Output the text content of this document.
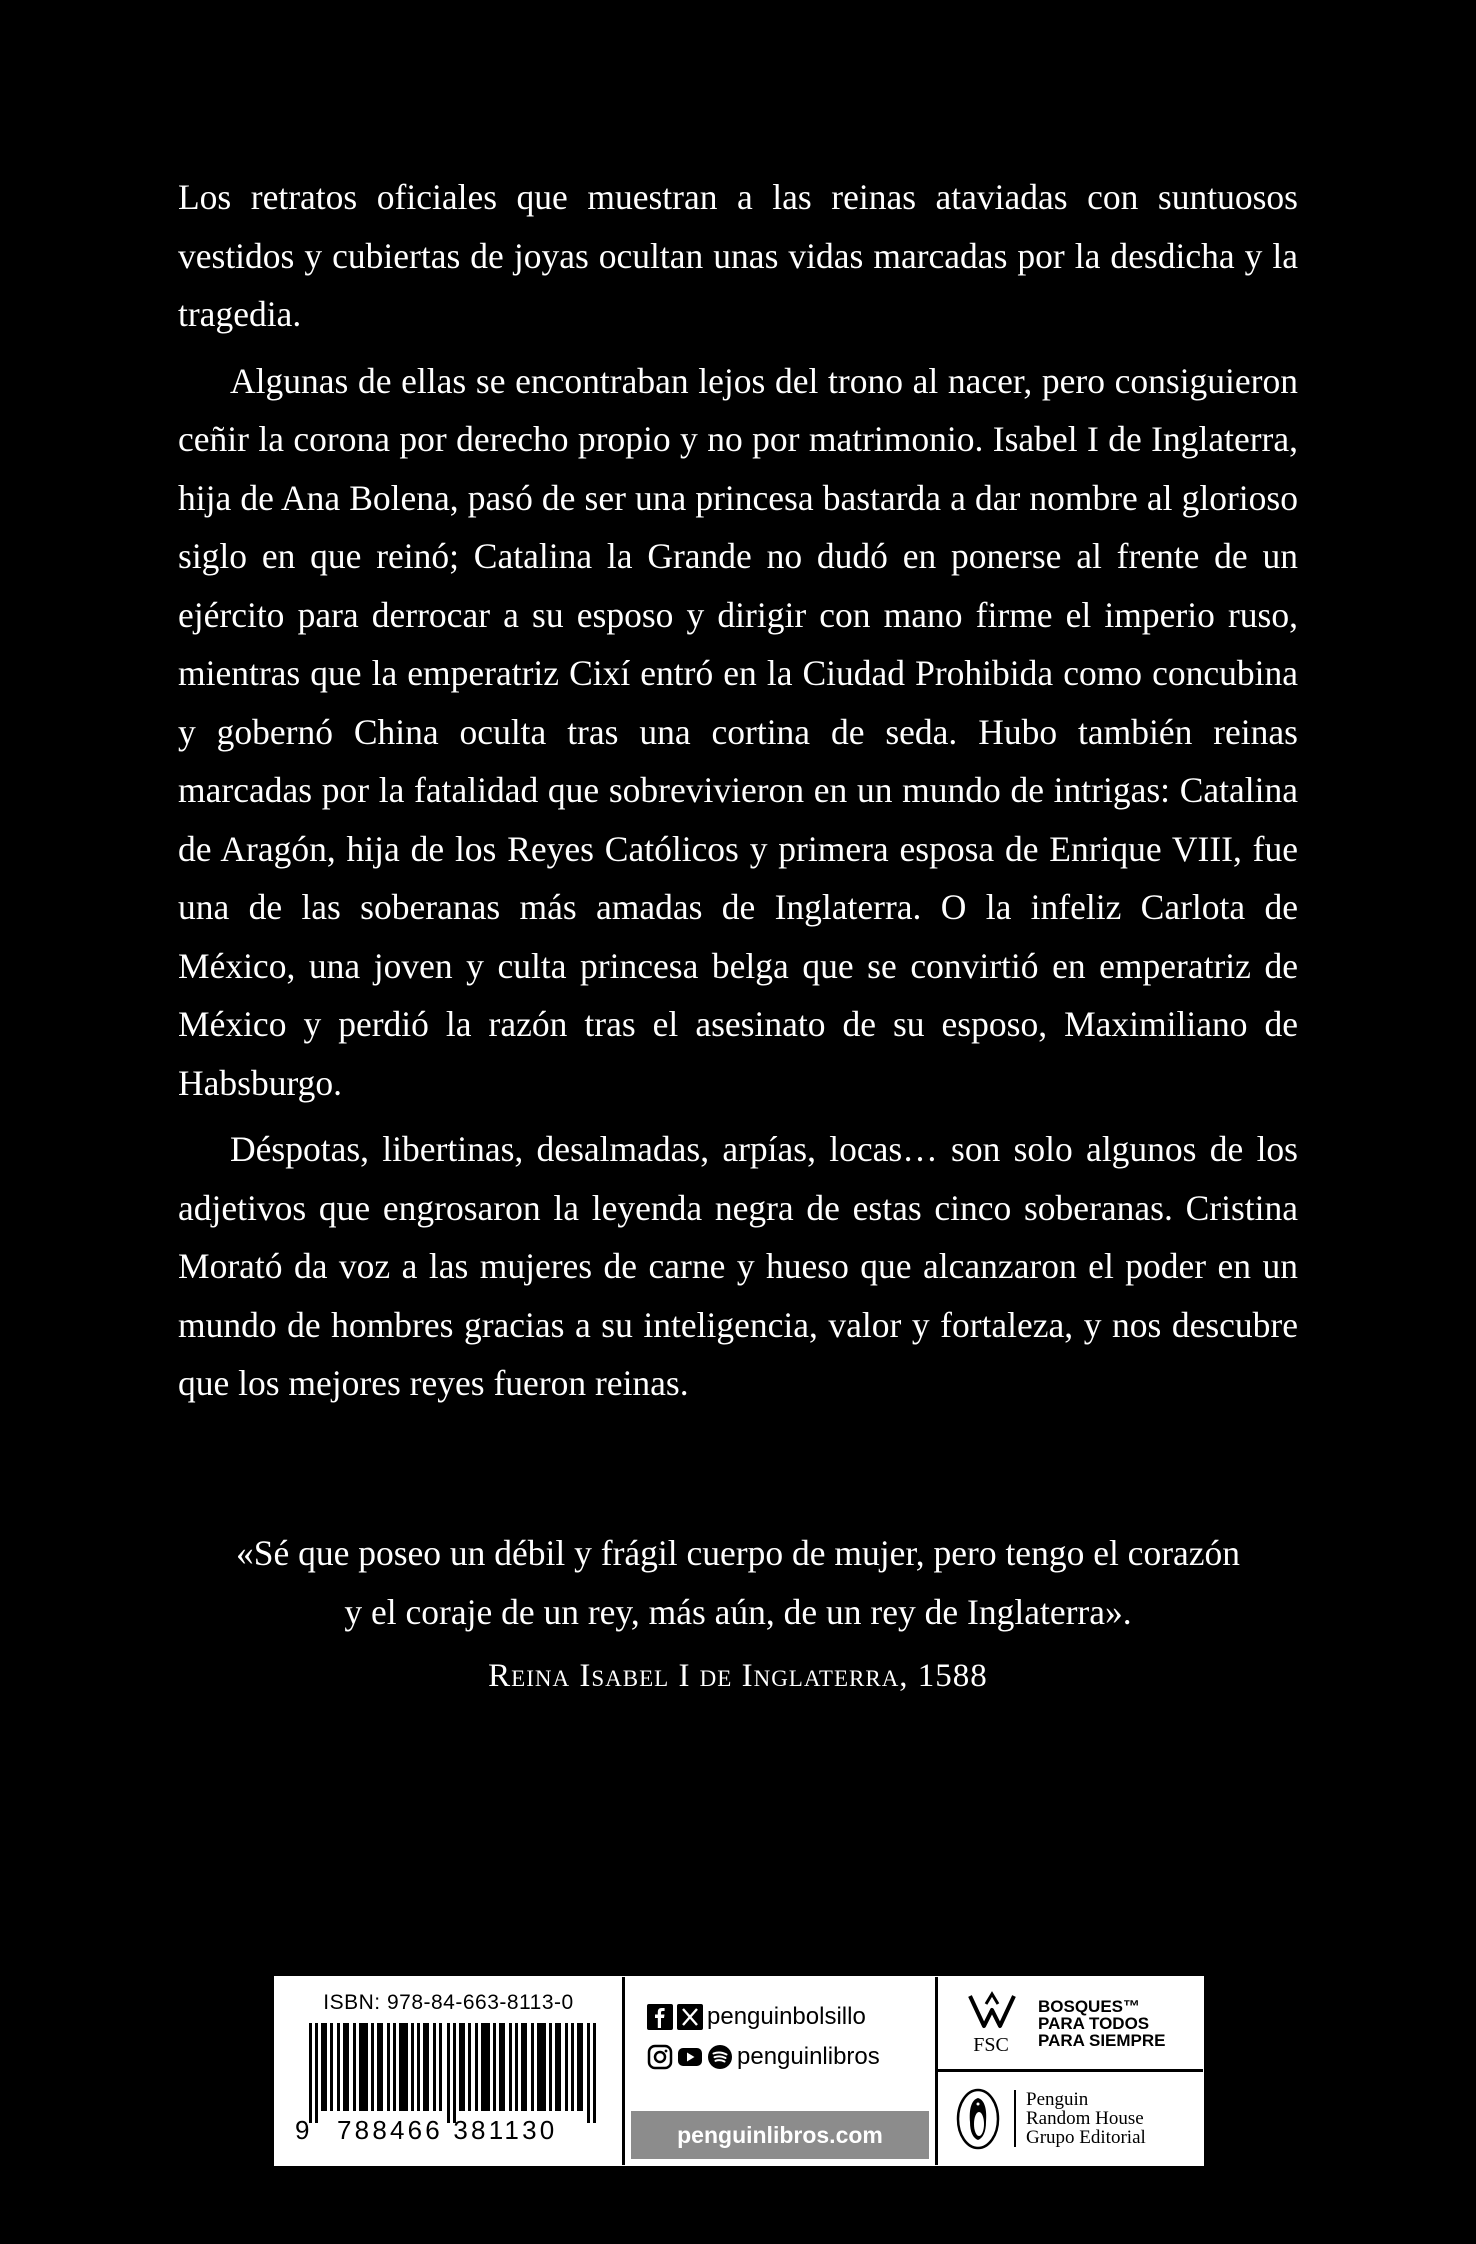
Los retratos oficiales que muestran a las reinas ataviadas con suntuosos vestidos y cubiertas de joyas ocultan unas vidas marcadas por la desdicha y la tragedia.

Algunas de ellas se encontraban lejos del trono al nacer, pero consiguieron ceñir la corona por derecho propio y no por matrimonio. Isabel I de Inglaterra, hija de Ana Bolena, pasó de ser una princesa bastarda a dar nombre al glorioso siglo en que reinó; Catalina la Grande no dudó en ponerse al frente de un ejército para derrocar a su esposo y dirigir con mano firme el imperio ruso, mientras que la emperatriz Cixí entró en la Ciudad Prohibida como concubina y gobernó China oculta tras una cortina de seda. Hubo también reinas marcadas por la fatalidad que sobrevivieron en un mundo de intrigas: Catalina de Aragón, hija de los Reyes Católicos y primera esposa de Enrique VIII, fue una de las soberanas más amadas de Inglaterra. O la infeliz Carlota de México, una joven y culta princesa belga que se convirtió en emperatriz de México y perdió la razón tras el asesinato de su esposo, Maximiliano de Habsburgo.

Déspotas, libertinas, desalmadas, arpías, locas… son solo algunos de los adjetivos que engrosaron la leyenda negra de estas cinco soberanas. Cristina Morató da voz a las mujeres de carne y hueso que alcanzaron el poder en un mundo de hombres gracias a su inteligencia, valor y fortaleza, y nos descubre que los mejores reyes fueron reinas.

«Sé que poseo un débil y frágil cuerpo de mujer, pero tengo el corazón

y el coraje de un rey, más aún, de un rey de Inglaterra».

Reina Isabel I de Inglaterra, 1588
ISBN: 978-84-663-8113-0
9 788466 381130
penguinbolsillo
penguinlibros
penguinlibros.com
FSC
BOSQUES™
PARA TODOS
PARA SIEMPRE
Penguin
Random House
Grupo Editorial
